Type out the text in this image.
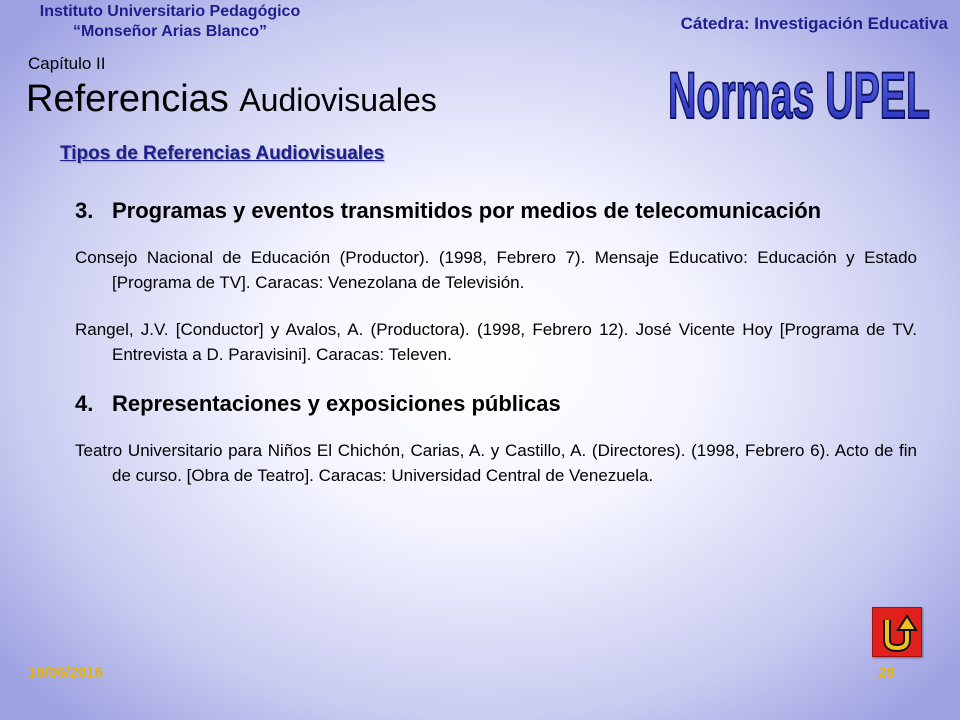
Instituto Universitario Pedagógico
“Monseñor Arias Blanco”	Cátedra: Investigación Educativa
Capítulo II
Referencias Audiovisuales	Normas UPEL
Tipos de Referencias Audiovisuales
3. Programas y eventos transmitidos por medios de telecomunicación
Consejo Nacional de Educación (Productor). (1998, Febrero 7). Mensaje Educativo: Educación y Estado [Programa de TV]. Caracas: Venezolana de Televisión.
Rangel, J.V. [Conductor] y Avalos, A. (Productora). (1998, Febrero 12). José Vicente Hoy [Programa de TV. Entrevista a D. Paravisini]. Caracas: Televen.
4. Representaciones y exposiciones públicas
Teatro Universitario para Niños El Chichón, Carias, A. y Castillo, A. (Directores). (1998, Febrero 6). Acto de fin de curso. [Obra de Teatro]. Caracas: Universidad Central de Venezuela.
18/06/2016	28
